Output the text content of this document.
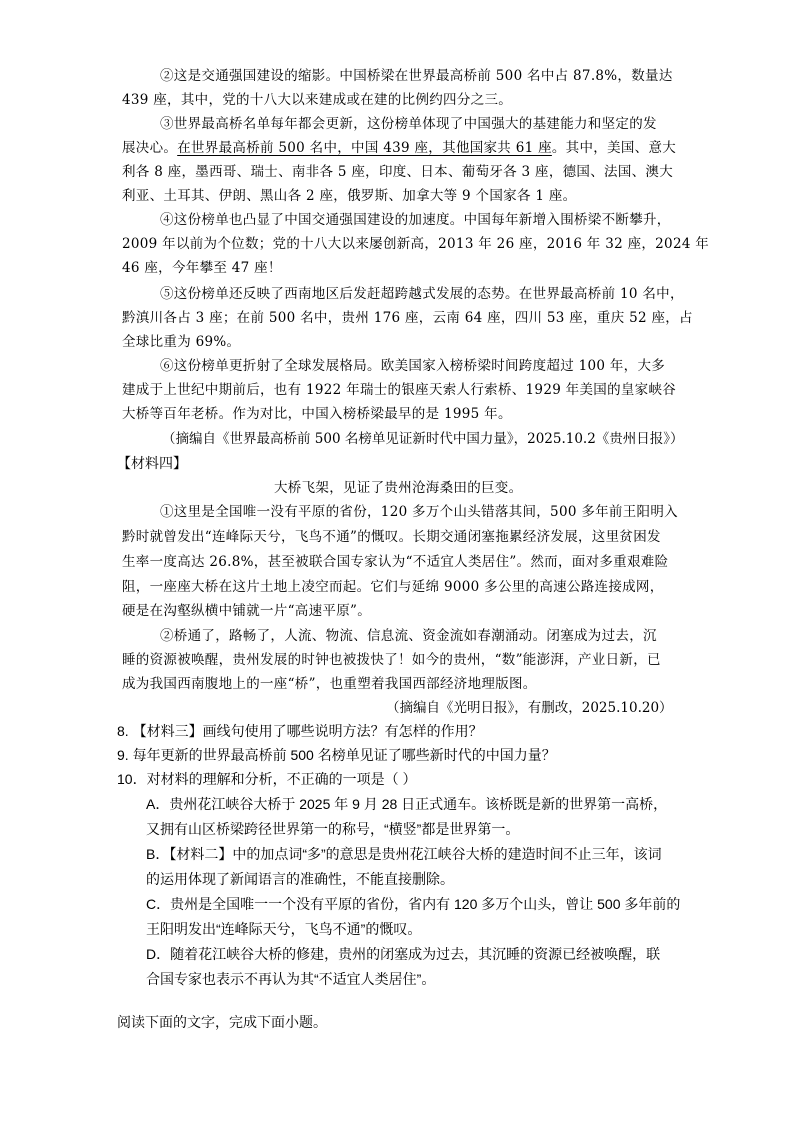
②这是交通强国建设的缩影。中国桥梁在世界最高桥前 500 名中占 87.8%，数量达
439 座，其中，党的十八大以来建成或在建的比例约四分之三。
③世界最高桥名单每年都会更新，这份榜单体现了中国强大的基建能力和坚定的发
展决心。在世界最高桥前 500 名中，中国 439 座，其他国家共 61 座。其中，美国、意大
利各 8 座，墨西哥、瑞士、南非各 5 座，印度、日本、葡萄牙各 3 座，德国、法国、澳大
利亚、土耳其、伊朗、黑山各 2 座，俄罗斯、加拿大等 9 个国家各 1 座。
④这份榜单也凸显了中国交通强国建设的加速度。中国每年新增入围桥梁不断攀升，
2009 年以前为个位数；党的十八大以来屡创新高，2013 年 26 座，2016 年 32 座，2024 年
46 座，今年攀至 47 座！
⑤这份榜单还反映了西南地区后发赶超跨越式发展的态势。在世界最高桥前 10 名中，
黔滇川各占 3 座；在前 500 名中，贵州 176 座，云南 64 座，四川 53 座，重庆 52 座，占
全球比重为 69%。
⑥这份榜单更折射了全球发展格局。欧美国家入榜桥梁时间跨度超过 100 年，大多
建成于上世纪中期前后，也有 1922 年瑞士的银座天索人行索桥、1929 年美国的皇家峡谷
大桥等百年老桥。作为对比，中国入榜桥梁最早的是 1995 年。
（摘编自《世界最高桥前 500 名榜单见证新时代中国力量》，2025.10.2《贵州日报》）
【材料四】
大桥飞架，见证了贵州沧海桑田的巨变。
①这里是全国唯一没有平原的省份，120 多万个山头错落其间，500 多年前王阳明入
黔时就曾发出“连峰际天兮，飞鸟不通”的慨叹。长期交通闭塞拖累经济发展，这里贫困发
生率一度高达 26.8%，甚至被联合国专家认为“不适宜人类居住”。然而，面对多重艰难险
阻，一座座大桥在这片土地上凌空而起。它们与延绵 9000 多公里的高速公路连接成网，
硬是在沟壑纵横中铺就一片“高速平原”。
②桥通了，路畅了，人流、物流、信息流、资金流如春潮涌动。闭塞成为过去，沉
睡的资源被唤醒，贵州发展的时钟也被拨快了！如今的贵州，“数”能澎湃，产业日新，已
成为我国西南腹地上的一座“桥”，也重塑着我国西部经济地理版图。
（摘编自《光明日报》，有删改，2025.10.20）
8. 【材料三】画线句使用了哪些说明方法？有怎样的作用？
9. 每年更新的世界最高桥前 500 名榜单见证了哪些新时代的中国力量？
10．对材料的理解和分析，不正确的一项是（ ）
A．贵州花江峡谷大桥于 2025 年 9 月 28 日正式通车。该桥既是新的世界第一高桥，
又拥有山区桥梁跨径世界第一的称号，“横竖”都是世界第一。
B．【材料二】中的加点词“多”的意思是贵州花江峡谷大桥的建造时间不止三年，该词
的运用体现了新闻语言的准确性，不能直接删除。
C．贵州是全国唯一一个没有平原的省份，省内有 120 多万个山头，曾让 500 多年前的
王阳明发出“连峰际天兮，飞鸟不通”的慨叹。
D．随着花江峡谷大桥的修建，贵州的闭塞成为过去，其沉睡的资源已经被唤醒，联
合国专家也表示不再认为其“不适宜人类居住”。
阅读下面的文字，完成下面小题。
